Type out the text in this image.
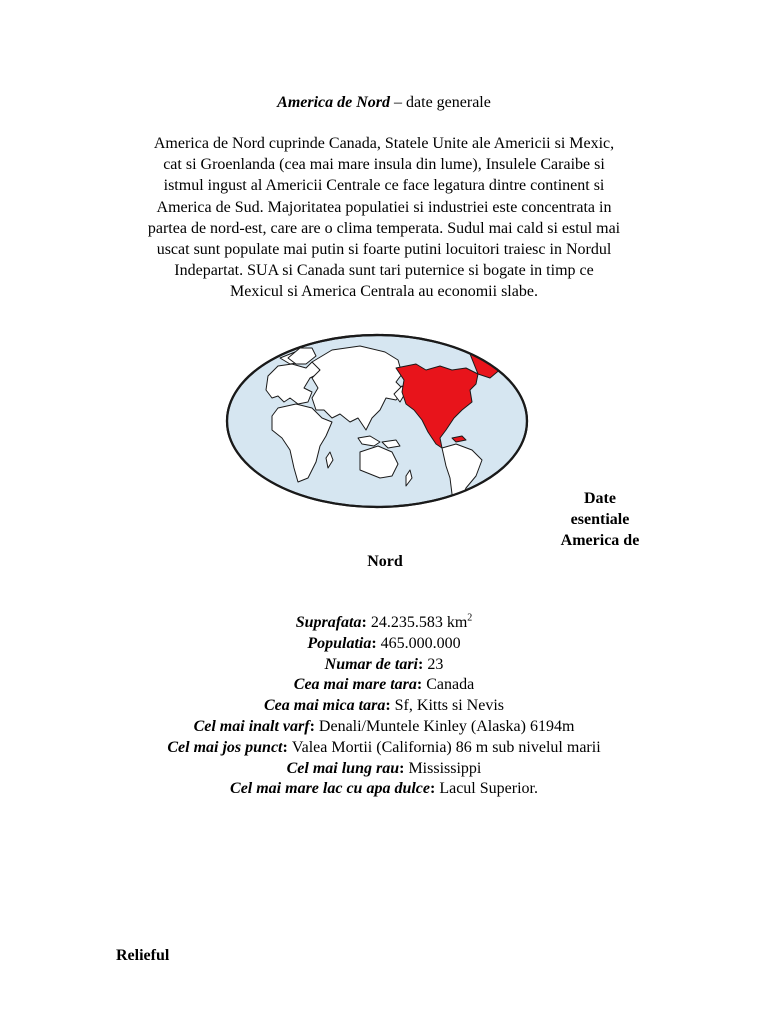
America de Nord – date generale
America de Nord cuprinde Canada, Statele Unite ale Americii si Mexic,
cat si Groenlanda (cea mai mare insula din lume), Insulele Caraibe si
istmul ingust al Americii Centrale ce face legatura dintre continent si
America de Sud. Majoritatea populatiei si industriei este concentrata in
partea de nord-est, care are o clima temperata. Sudul mai cald si estul mai
uscat sunt populate mai putin si foarte putini locuitori traiesc in Nordul
Indepartat. SUA si Canada sunt tari puternice si bogate in timp ce
Mexicul si America Centrala au economii slabe.
Date
esentiale
America de
Nord
Suprafata: 24.235.583 $km^2$
Populatia: 465.000.000
Numar de tari: 23
Cea mai mare tara: Canada
Cea mai mica tara: Sf, Kitts si Nevis
Cel mai inalt varf: Denali/Muntele Kinley (Alaska) 6194m
Cel mai jos punct: Valea Mortii (California) 86 m sub nivelul marii
Cel mai lung rau: Mississippi
Cel mai mare lac cu apa dulce: Lacul Superior.
Relieful
